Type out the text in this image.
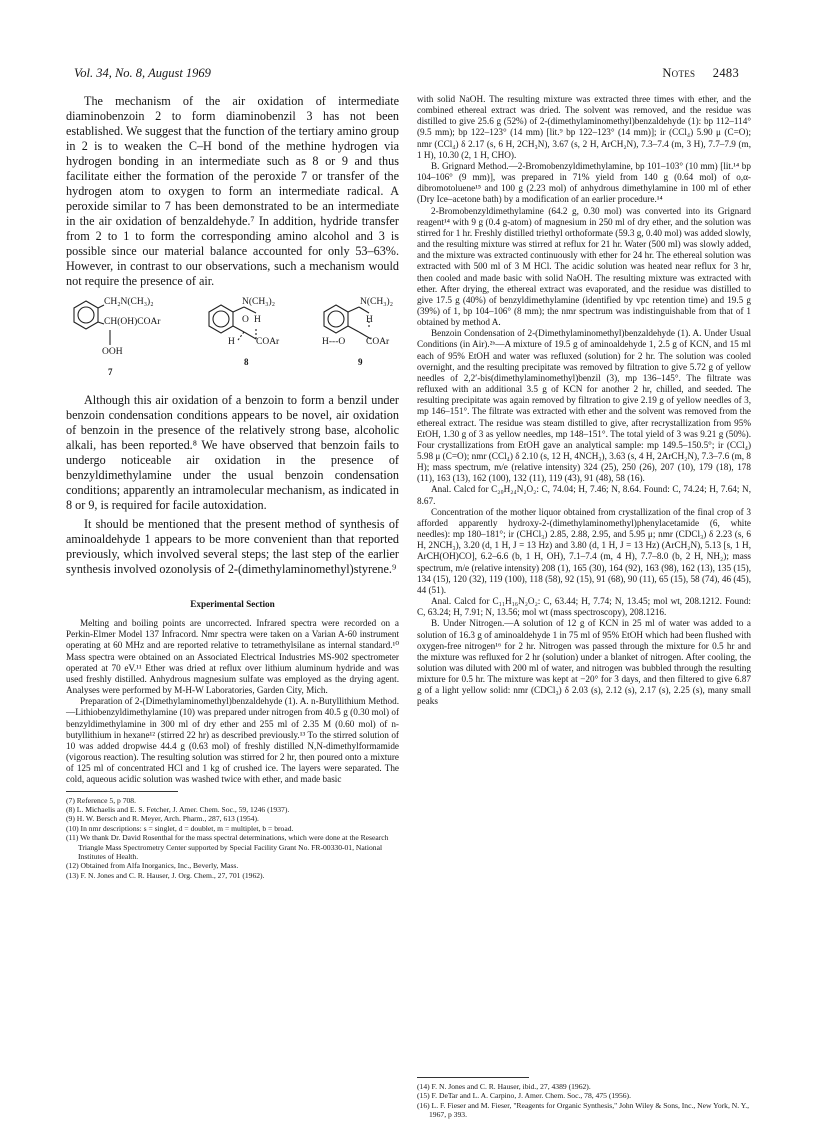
Vol. 34, No. 8, August 1969	Notes 2483

The mechanism of the air oxidation of intermediate diaminobenzoin 2 to form diaminobenzil 3 has not been established. We suggest that the function of the tertiary amino group in 2 is to weaken the C–H bond of the methine hydrogen via hydrogen bonding in an intermediate such as 8 or 9 and thus facilitate either the formation of the peroxide 7 or transfer of the hydrogen atom to oxygen to form an intermediate radical. A peroxide similar to 7 has been demonstrated to be an intermediate in the air oxidation of benzaldehyde.⁷ In addition, hydride transfer from 2 to 1 to form the corresponding amino alcohol and 3 is possible since our material balance accounted for only 53–63%. However, in contrast to our observations, such a mechanism would not require the presence of air.

CH₂N(CH₃)₂
CH(OH)COAr
OOH
7
N(CH₃)₂
O H
H COAr
8
N(CH₃)₂
H
H---O COAr
9

Although this air oxidation of a benzoin to form a benzil under benzoin condensation conditions appears to be novel, air oxidation of benzoin in the presence of the relatively strong base, alcoholic alkali, has been reported.⁸ We have observed that benzoin fails to undergo noticeable air oxidation in the presence of benzyldimethylamine under the usual benzoin condensation conditions; apparently an intramolecular mechanism, as indicated in 8 or 9, is required for facile autoxidation.

It should be mentioned that the present method of synthesis of aminoaldehyde 1 appears to be more convenient than that reported previously, which involved several steps; the last step of the earlier synthesis involved ozonolysis of 2-(dimethylaminomethyl)styrene.⁹

Experimental Section

Melting and boiling points are uncorrected. Infrared spectra were recorded on a Perkin-Elmer Model 137 Infracord. Nmr spectra were taken on a Varian A-60 instrument operating at 60 MHz and are reported relative to tetramethylsilane as internal standard.¹⁰ Mass spectra were obtained on an Associated Electrical Industries MS-902 spectrometer operated at 70 eV.¹¹ Ether was dried at reflux over lithium aluminum hydride and was used freshly distilled. Anhydrous magnesium sulfate was employed as the drying agent. Analyses were performed by M-H-W Laboratories, Garden City, Mich.

Preparation of 2-(Dimethylaminomethyl)benzaldehyde (1). A. n-Butyllithium Method.—Lithiobenzyldimethylamine (10) was prepared under nitrogen from 40.5 g (0.30 mol) of benzyldimethylamine in 300 ml of dry ether and 255 ml of 2.35 M (0.60 mol) of n-butyllithium in hexane¹² (stirred 22 hr) as described previously.¹³ To the stirred solution of 10 was added dropwise 44.4 g (0.63 mol) of freshly distilled N,N-dimethylformamide (vigorous reaction). The resulting solution was stirred for 2 hr, then poured onto a mixture of 125 ml of concentrated HCl and 1 kg of crushed ice. The layers were separated. The cold, aqueous acidic solution was washed twice with ether, and made basic

(7) Reference 5, p 708.

(8) L. Michaelis and E. S. Fetcher, J. Amer. Chem. Soc., 59, 1246 (1937).

(9) H. W. Bersch and R. Meyer, Arch. Pharm., 287, 613 (1954).

(10) In nmr descriptions: s = singlet, d = doublet, m = multiplet, b = broad.

(11) We thank Dr. David Rosenthal for the mass spectral determinations, which were done at the Research Triangle Mass Spectrometry Center supported by Special Facility Grant No. FR-00330-01, National Institutes of Health.

(12) Obtained from Alfa Inorganics, Inc., Beverly, Mass.

(13) F. N. Jones and C. R. Hauser, J. Org. Chem., 27, 701 (1962).

with solid NaOH. The resulting mixture was extracted three times with ether, and the combined ethereal extract was dried. The solvent was removed, and the residue was distilled to give 25.6 g (52%) of 2-(dimethylaminomethyl)benzaldehyde (1): bp 112–114° (9.5 mm); bp 122–123° (14 mm) [lit.⁹ bp 122–123° (14 mm)]; ir (CCl₄) 5.90 μ (C=O); nmr (CCl₄) δ 2.17 (s, 6 H, 2CH₃N), 3.67 (s, 2 H, ArCH₂N), 7.3–7.4 (m, 3 H), 7.7–7.9 (m, 1 H), 10.30 (2, 1 H, CHO).

B. Grignard Method.—2-Bromobenzyldimethylamine, bp 101–103° (10 mm) [lit.¹⁴ bp 104–106° (9 mm)], was prepared in 71% yield from 140 g (0.64 mol) of o,α-dibromotoluene¹⁵ and 100 g (2.23 mol) of anhydrous dimethylamine in 100 ml of ether (Dry Ice–acetone bath) by a modification of an earlier procedure.¹⁴

2-Bromobenzyldimethylamine (64.2 g, 0.30 mol) was converted into its Grignard reagent¹⁴ with 9 g (0.4 g-atom) of magnesium in 250 ml of dry ether, and the solution was stirred for 1 hr. Freshly distilled triethyl orthoformate (59.3 g, 0.40 mol) was added slowly, and the resulting mixture was stirred at reflux for 21 hr. Water (500 ml) was slowly added, and the mixture was extracted continuously with ether for 24 hr. The ethereal solution was extracted with 500 ml of 3 M HCl. The acidic solution was heated near reflux for 3 hr, then cooled and made basic with solid NaOH. The resulting mixture was extracted with ether. After drying, the ethereal extract was evaporated, and the residue was distilled to give 17.5 g (40%) of benzyldimethylamine (identified by vpc retention time) and 19.5 g (39%) of 1, bp 104–106° (8 mm); the nmr spectrum was indistinguishable from that of 1 obtained by method A.

Benzoin Condensation of 2-(Dimethylaminomethyl)benzaldehyde (1). A. Under Usual Conditions (in Air).²ᵇ—A mixture of 19.5 g of aminoaldehyde 1, 2.5 g of KCN, and 15 ml each of 95% EtOH and water was refluxed (solution) for 2 hr. The solution was cooled overnight, and the resulting precipitate was removed by filtration to give 5.72 g of yellow needles of 2,2′-bis(dimethylaminomethyl)benzil (3), mp 136–145°. The filtrate was refluxed with an additional 3.5 g of KCN for another 2 hr, chilled, and seeded. The resulting precipitate was again removed by filtration to give 2.19 g of yellow needles of 3, mp 146–151°. The filtrate was extracted with ether and the solvent was removed from the ethereal extract. The residue was steam distilled to give, after recrystallization from 95% EtOH, 1.30 g of 3 as yellow needles, mp 148–151°. The total yield of 3 was 9.21 g (50%). Four crystallizations from EtOH gave an analytical sample: mp 149.5–150.5°; ir (CCl₄) 5.98 μ (C=O); nmr (CCl₄) δ 2.10 (s, 12 H, 4NCH₃), 3.63 (s, 4 H, 2ArCH₂N), 7.3–7.6 (m, 8 H); mass spectrum, m/e (relative intensity) 324 (25), 250 (26), 207 (10), 179 (18), 178 (11), 163 (13), 162 (100), 132 (11), 119 (43), 91 (48), 58 (16).

Anal. Calcd for C₂₀H₂₄N₂O₂: C, 74.04; H, 7.46; N, 8.64. Found: C, 74.24; H, 7.64; N, 8.67.

Concentration of the mother liquor obtained from crystallization of the final crop of 3 afforded apparently hydroxy-2-(dimethylaminomethyl)phenylacetamide (6, white needles): mp 180–181°; ir (CHCl₃) 2.85, 2.88, 2.95, and 5.95 μ; nmr (CDCl₃) δ 2.23 (s, 6 H, 2NCH₃), 3.20 (d, 1 H, J = 13 Hz) and 3.80 (d, 1 H, J = 13 Hz) (ArCH₂N), 5.13 [s, 1 H, ArCH(OH)CO], 6.2–6.6 (b, 1 H, OH), 7.1–7.4 (m, 4 H), 7.7–8.0 (b, 2 H, NH₂); mass spectrum, m/e (relative intensity) 208 (1), 165 (30), 164 (92), 163 (98), 162 (13), 135 (15), 134 (15), 120 (32), 119 (100), 118 (58), 92 (15), 91 (68), 90 (11), 65 (15), 58 (74), 46 (45), 44 (51).

Anal. Calcd for C₁₁H₁₆N₂O₂: C, 63.44; H, 7.74; N, 13.45; mol wt, 208.1212. Found: C, 63.24; H, 7.91; N, 13.56; mol wt (mass spectroscopy), 208.1216.

B. Under Nitrogen.—A solution of 12 g of KCN in 25 ml of water was added to a solution of 16.3 g of aminoaldehyde 1 in 75 ml of 95% EtOH which had been flushed with oxygen-free nitrogen¹⁶ for 2 hr. Nitrogen was passed through the mixture for 0.5 hr and the mixture was refluxed for 2 hr (solution) under a blanket of nitrogen. After cooling, the solution was diluted with 200 ml of water, and nitrogen was bubbled through the resulting mixture for 0.5 hr. The mixture was kept at −20° for 3 days, and then filtered to give 6.87 g of a light yellow solid: nmr (CDCl₃) δ 2.03 (s), 2.12 (s), 2.17 (s), 2.25 (s), many small peaks

(14) F. N. Jones and C. R. Hauser, ibid., 27, 4389 (1962).

(15) F. DeTar and L. A. Carpino, J. Amer. Chem. Soc., 78, 475 (1956).

(16) L. F. Fieser and M. Fieser, "Reagents for Organic Synthesis," John Wiley & Sons, Inc., New York, N. Y., 1967, p 393.
